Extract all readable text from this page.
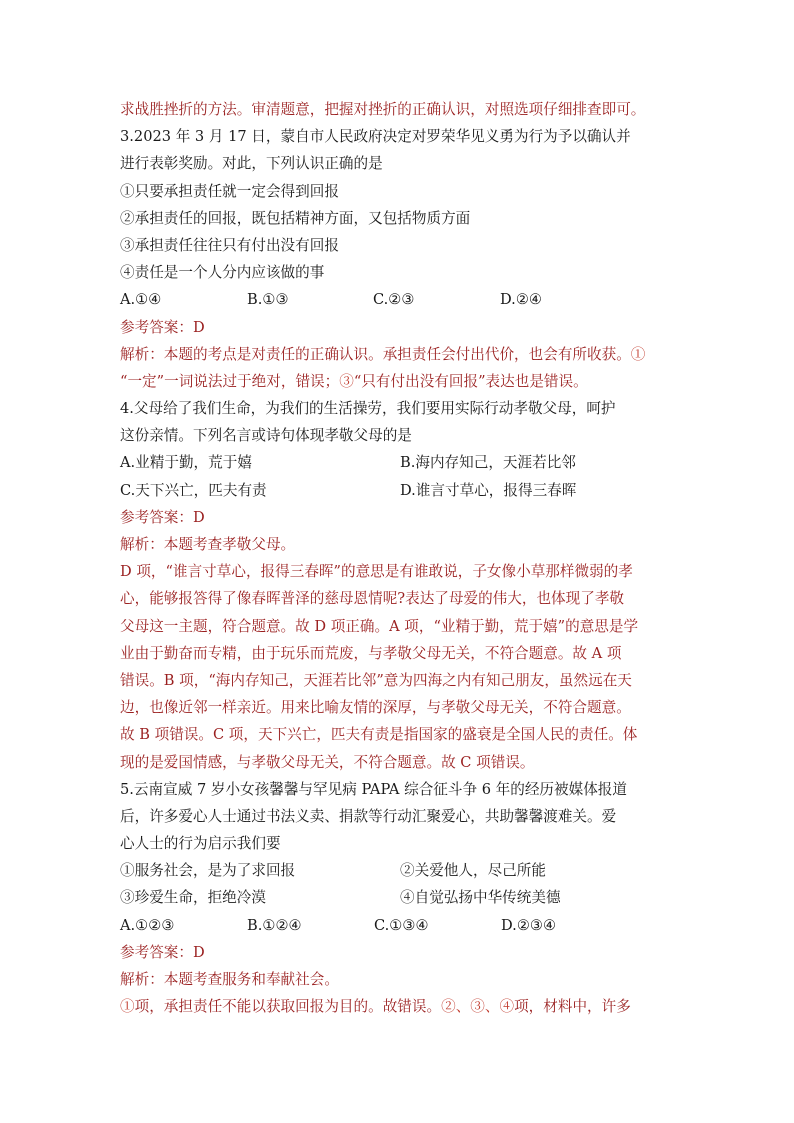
求战胜挫折的方法。审清题意，把握对挫折的正确认识，对照选项仔细排查即可。
3.2023 年 3 月 17 日，蒙自市人民政府决定对罗荣华见义勇为行为予以确认并
进行表彰奖励。对此，下列认识正确的是
①只要承担责任就一定会得到回报
②承担责任的回报，既包括精神方面，又包括物质方面
③承担责任往往只有付出没有回报
④责任是一个人分内应该做的事
A.①④	B.①③	C.②③	D.②④
参考答案：D
解析：本题的考点是对责任的正确认识。承担责任会付出代价，也会有所收获。①
“一定”一词说法过于绝对，错误；③“只有付出没有回报”表达也是错误。
4.父母给了我们生命，为我们的生活操劳，我们要用实际行动孝敬父母，呵护
这份亲情。下列名言或诗句体现孝敬父母的是
A.业精于勤，荒于嬉	B.海内存知己，天涯若比邻
C.天下兴亡，匹夫有责	D.谁言寸草心，报得三春晖
参考答案：D
解析：本题考查孝敬父母。
D 项，“谁言寸草心，报得三春晖”的意思是有谁敢说，子女像小草那样微弱的孝
心，能够报答得了像春晖普泽的慈母恩情呢?表达了母爱的伟大，也体现了孝敬
父母这一主题，符合题意。故 D 项正确。A 项，“业精于勤，荒于嬉”的意思是学
业由于勤奋而专精，由于玩乐而荒废，与孝敬父母无关，不符合题意。故 A 项
错误。B 项，“海内存知己，天涯若比邻”意为四海之内有知己朋友，虽然远在天
边，也像近邻一样亲近。用来比喻友情的深厚，与孝敬父母无关，不符合题意。
故 B 项错误。C 项，天下兴亡，匹夫有责是指国家的盛衰是全国人民的责任。体
现的是爱国情感，与孝敬父母无关，不符合题意。故 C 项错误。
5.云南宣威 7 岁小女孩馨馨与罕见病 PAPA 综合征斗争 6 年的经历被媒体报道
后，许多爱心人士通过书法义卖、捐款等行动汇聚爱心，共助馨馨渡难关。爱
心人士的行为启示我们要
①服务社会，是为了求回报	②关爱他人，尽己所能
③珍爱生命，拒绝冷漠	④自觉弘扬中华传统美德
A.①②③	B.①②④	C.①③④	D.②③④
参考答案：D
解析：本题考查服务和奉献社会。
①项，承担责任不能以获取回报为目的。故错误。②、③、④项，材料中，许多
